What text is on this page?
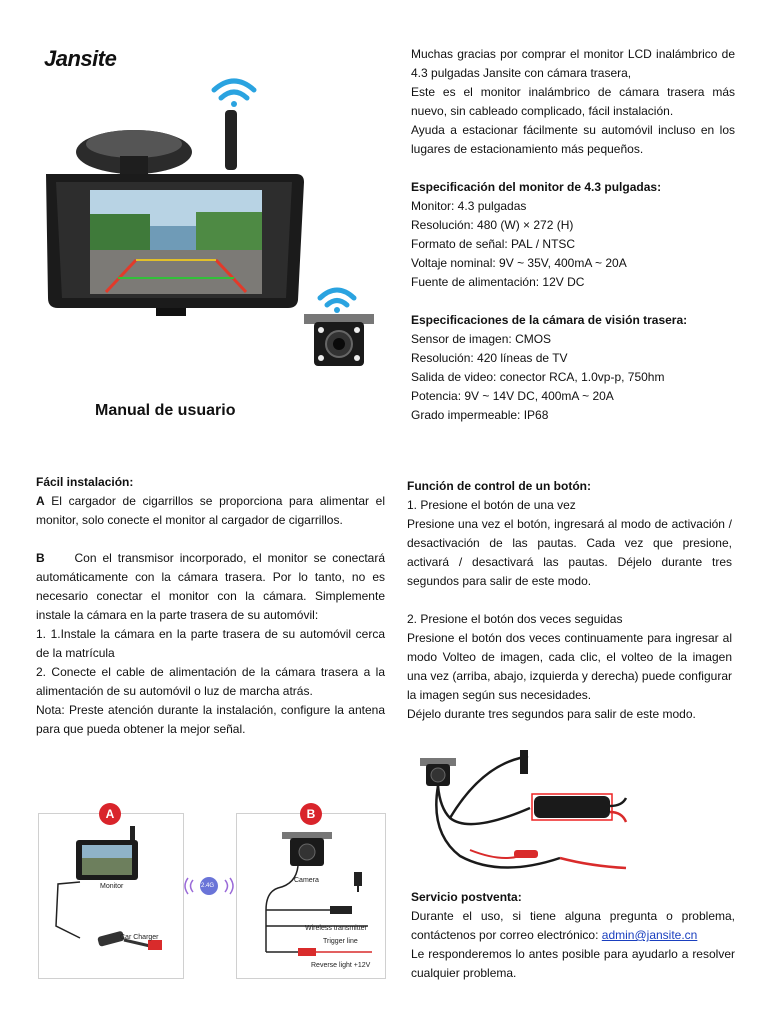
Jansite
Manual de usuario

Muchas gracias por comprar el monitor LCD inalámbrico de 4.3 pulgadas Jansite con cámara trasera,

Este es el monitor inalámbrico de cámara trasera más nuevo, sin cableado complicado, fácil instalación.

Ayuda a estacionar fácilmente su automóvil incluso en los lugares de estacionamiento más pequeños.

Especificación del monitor de 4.3 pulgadas:

Monitor: 4.3 pulgadas

Resolución: 480 (W) × 272 (H)

Formato de señal: PAL / NTSC

Voltaje nominal: 9V ~ 35V, 400mA ~ 20A

Fuente de alimentación: 12V DC

Especificaciones de la cámara de visión trasera:

Sensor de imagen: CMOS

Resolución: 420 líneas de TV

Salida de video: conector RCA, 1.0vp-p, 750hm

Potencia: 9V ~ 14V DC, 400mA ~ 20A

Grado impermeable: IP68

Fácil instalación:

A El cargador de cigarrillos se proporciona para alimentar el monitor, solo conecte el monitor al cargador de cigarrillos.

B     Con el transmisor incorporado, el monitor se conectará automáticamente con la cámara trasera. Por lo tanto, no es necesario conectar el monitor con la cámara. Simplemente instale la cámara en la parte trasera de su automóvil:

1. 1.Instale la cámara en la parte trasera de su automóvil cerca de la matrícula

2. Conecte el cable de alimentación de la cámara trasera a la alimentación de su automóvil o luz de marcha atrás.

Nota: Preste atención durante la instalación, configure la antena para que pueda obtener la mejor señal.

Función de control de un botón:

1. Presione el botón de una vez

Presione una vez el botón, ingresará al modo de activación / desactivación de las pautas. Cada vez que presione, activará / desactivará las pautas. Déjelo durante tres segundos para salir de este modo.

2. Presione el botón dos veces seguidas

Presione el botón dos veces continuamente para ingresar al modo Volteo de imagen, cada clic, el volteo de la imagen una vez (arriba, abajo, izquierda y derecha) puede configurar la imagen según sus necesidades.

Déjelo durante tres segundos para salir de este modo.

Servicio postventa:

Durante el uso, si tiene alguna pregunta o problema, contáctenos por correo electrónico: admin@jansite.cn

Le responderemos lo antes posible para ayudarlo a resolver cualquier problema.

A
Monitor
Car Charger
2.4G
B
Camera
Wireless transmitter
Trigger line
Reverse light +12V
